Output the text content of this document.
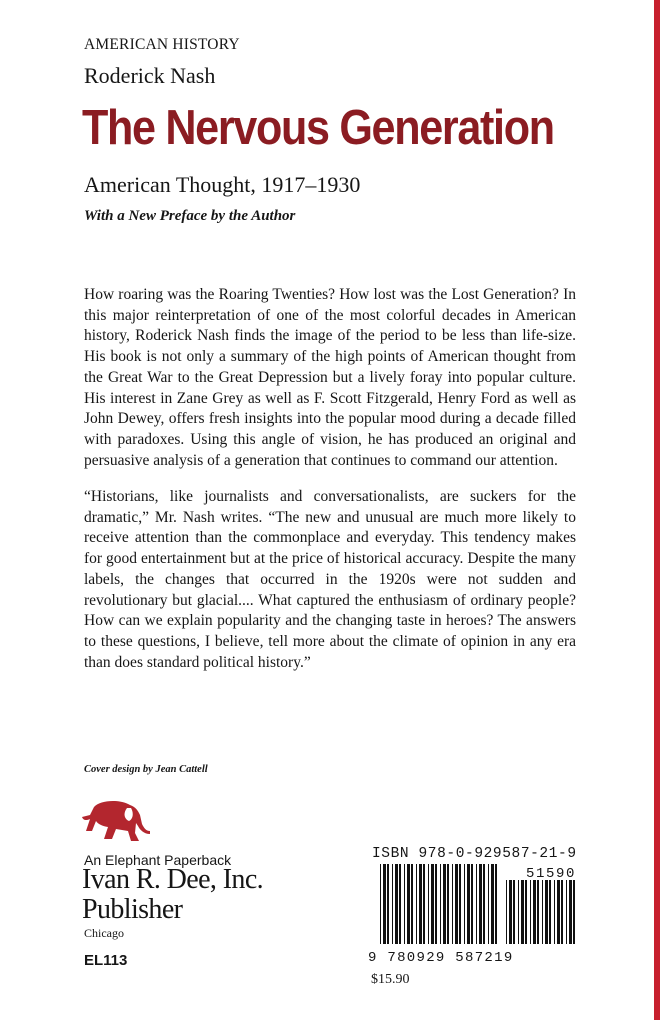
AMERICAN HISTORY
Roderick Nash
The Nervous Generation
American Thought, 1917–1930
With a New Preface by the Author

How roaring was the Roaring Twenties? How lost was the Lost Generation? In this major reinterpretation of one of the most colorful decades in American history, Roderick Nash finds the image of the period to be less than life-size. His book is not only a summary of the high points of American thought from the Great War to the Great Depression but a lively foray into popular culture. His interest in Zane Grey as well as F. Scott Fitzgerald, Henry Ford as well as John Dewey, offers fresh insights into the popular mood during a decade filled with paradoxes. Using this angle of vision, he has produced an original and persuasive analysis of a generation that continues to command our attention.

“Historians, like journalists and conversationalists, are suckers for the dramatic,” Mr. Nash writes. “The new and unusual are much more likely to receive attention than the commonplace and everyday. This tendency makes for good entertainment but at the price of historical accuracy. Despite the many labels, the changes that occurred in the 1920s were not sudden and revolutionary but glacial.... What captured the enthusiasm of ordinary people? How can we explain popularity and the changing taste in heroes? The answers to these questions, I believe, tell more about the climate of opinion in any era than does standard political history.”

Cover design by Jean Cattell
An Elephant Paperback
Ivan R. Dee, Inc.
Publisher
Chicago
EL113
ISBN 978-0-929587-21-9
9 780929 587219
51590
$15.90
